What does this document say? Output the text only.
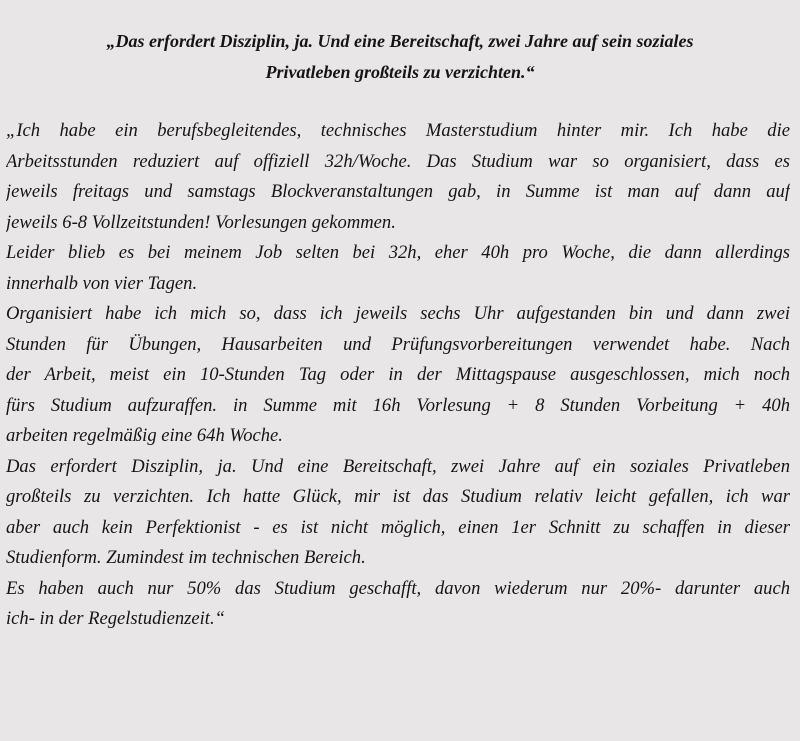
„Das erfordert Disziplin, ja. Und eine Bereitschaft, zwei Jahre auf sein soziales
Privatleben großteils zu verzichten.“
„Ich habe ein berufsbegleitendes, technisches Masterstudium hinter mir. Ich habe die
Arbeitsstunden reduziert auf offiziell 32h/Woche. Das Studium war so organisiert, dass es
jeweils freitags und samstags Blockveranstaltungen gab, in Summe ist man auf dann auf
jeweils 6-8 Vollzeitstunden! Vorlesungen gekommen.
Leider blieb es bei meinem Job selten bei 32h, eher 40h pro Woche, die dann allerdings
innerhalb von vier Tagen.
Organisiert habe ich mich so, dass ich jeweils sechs Uhr aufgestanden bin und dann zwei
Stunden für Übungen, Hausarbeiten und Prüfungsvorbereitungen verwendet habe. Nach
der Arbeit, meist ein 10-Stunden Tag oder in der Mittagspause ausgeschlossen, mich noch
fürs Studium aufzuraffen. in Summe mit 16h Vorlesung + 8 Stunden Vorbeitung + 40h
arbeiten regelmäßig eine 64h Woche.
Das erfordert Disziplin, ja. Und eine Bereitschaft, zwei Jahre auf ein soziales Privatleben
großteils zu verzichten. Ich hatte Glück, mir ist das Studium relativ leicht gefallen, ich war
aber auch kein Perfektionist - es ist nicht möglich, einen 1er Schnitt zu schaffen in dieser
Studienform. Zumindest im technischen Bereich.
Es haben auch nur 50% das Studium geschafft, davon wiederum nur 20%- darunter auch
ich- in der Regelstudienzeit.“
